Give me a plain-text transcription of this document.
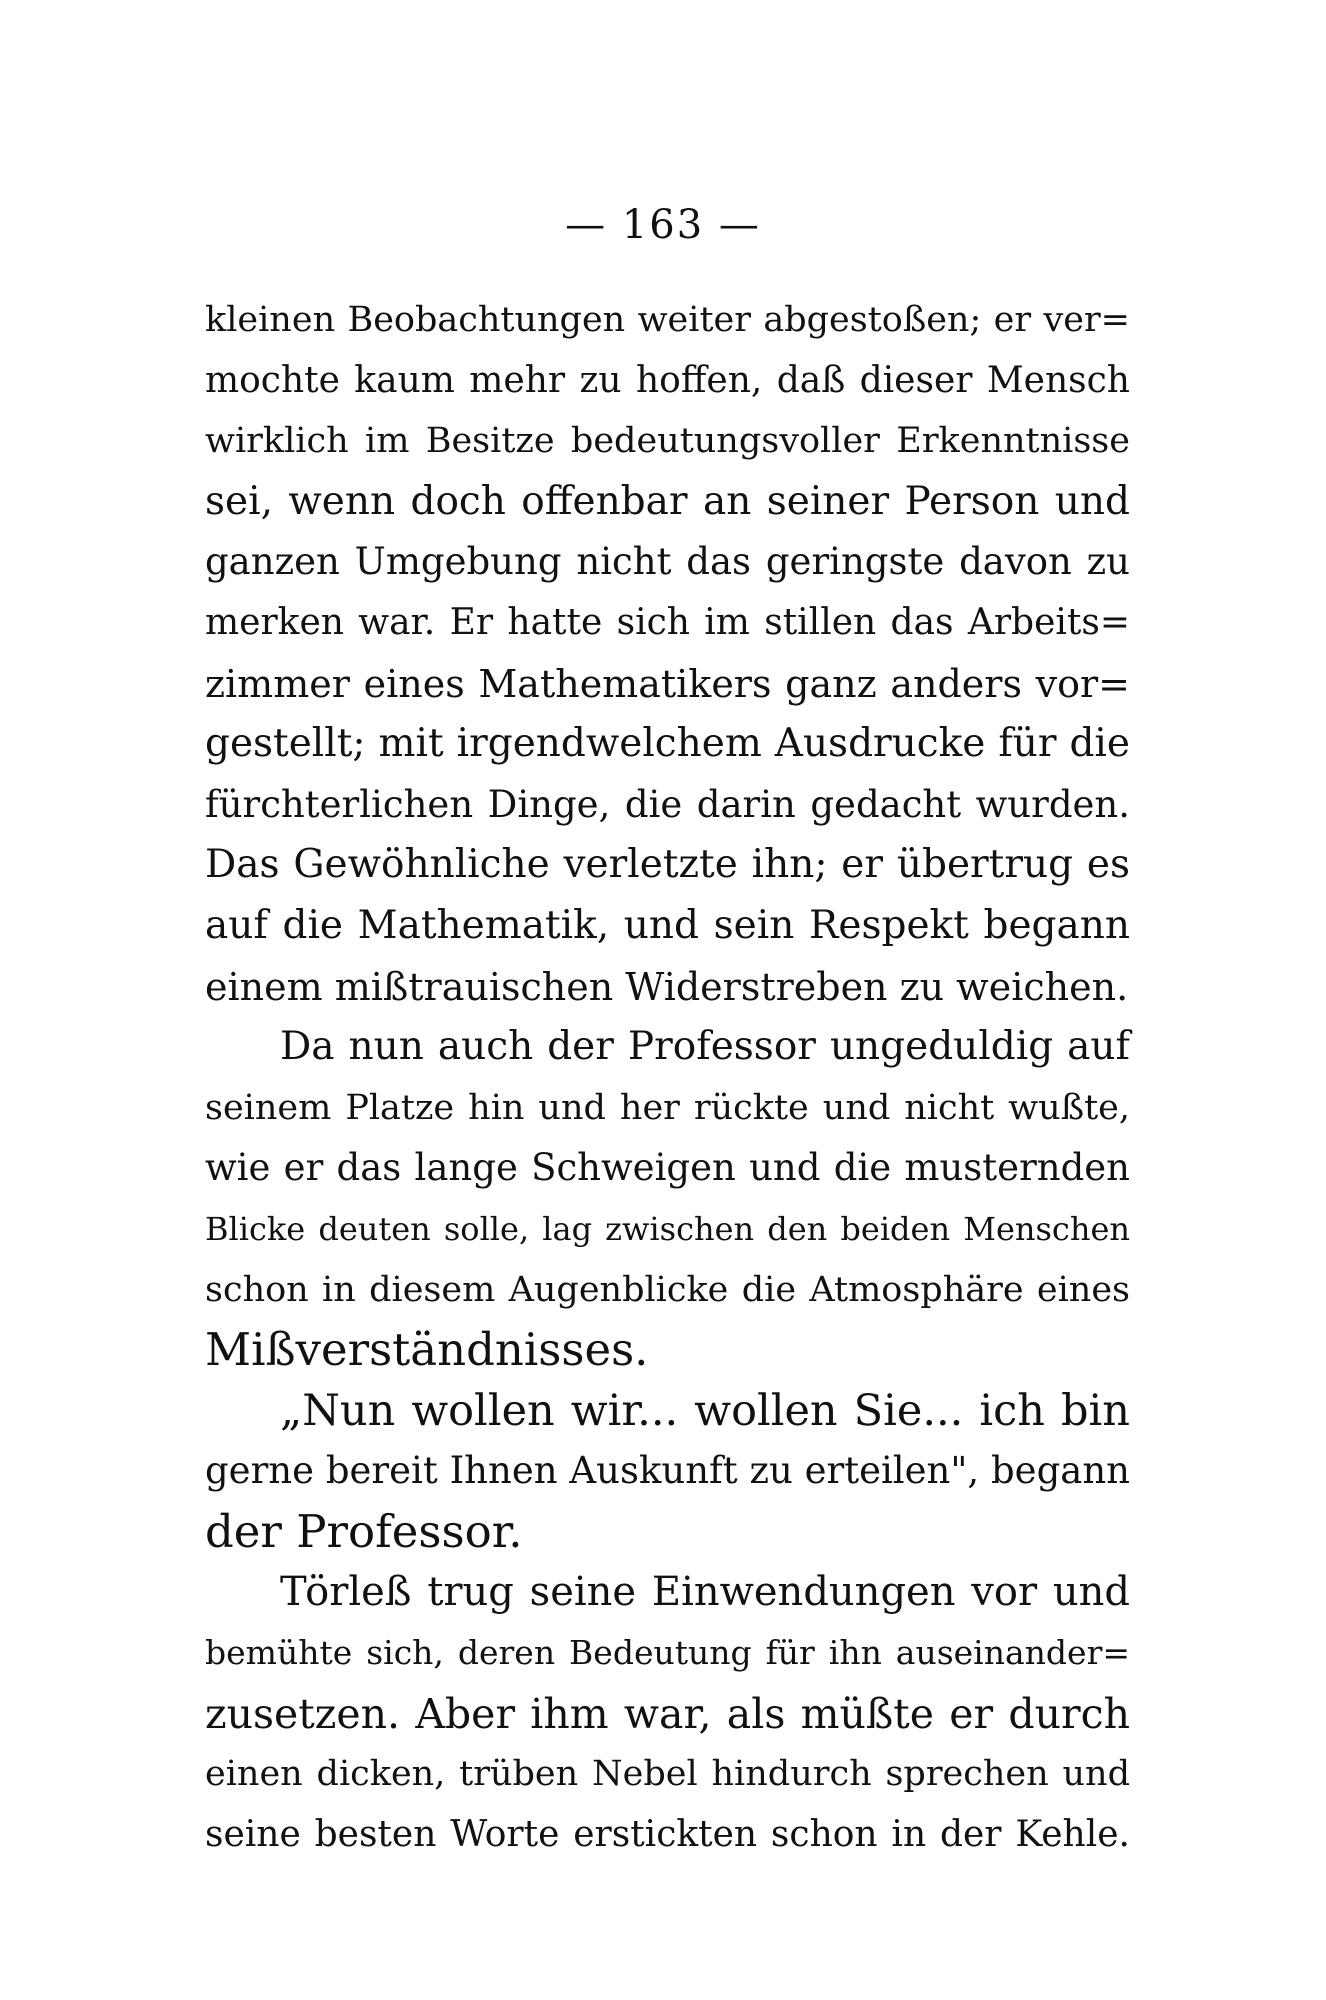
— 163 —
kleinen Beobachtungen weiter abgestoßen; er ver=
mochte kaum mehr zu hoffen, daß dieser Mensch
wirklich im Besitze bedeutungsvoller Erkenntnisse
sei, wenn doch offenbar an seiner Person und
ganzen Umgebung nicht das geringste davon zu
merken war. Er hatte sich im stillen das Arbeits=
zimmer eines Mathematikers ganz anders vor=
gestellt; mit irgendwelchem Ausdrucke für die
fürchterlichen Dinge, die darin gedacht wurden.
Das Gewöhnliche verletzte ihn; er übertrug es
auf die Mathematik, und sein Respekt begann
einem mißtrauischen Widerstreben zu weichen.
Da nun auch der Professor ungeduldig auf
seinem Platze hin und her rückte und nicht wußte,
wie er das lange Schweigen und die musternden
Blicke deuten solle, lag zwischen den beiden Menschen
schon in diesem Augenblicke die Atmosphäre eines
Mißverständnisses.
„Nun wollen wir... wollen Sie... ich bin
gerne bereit Ihnen Auskunft zu erteilen", begann
der Professor.
Törleß trug seine Einwendungen vor und
bemühte sich, deren Bedeutung für ihn auseinander=
zusetzen. Aber ihm war, als müßte er durch
einen dicken, trüben Nebel hindurch sprechen und
seine besten Worte erstickten schon in der Kehle.
